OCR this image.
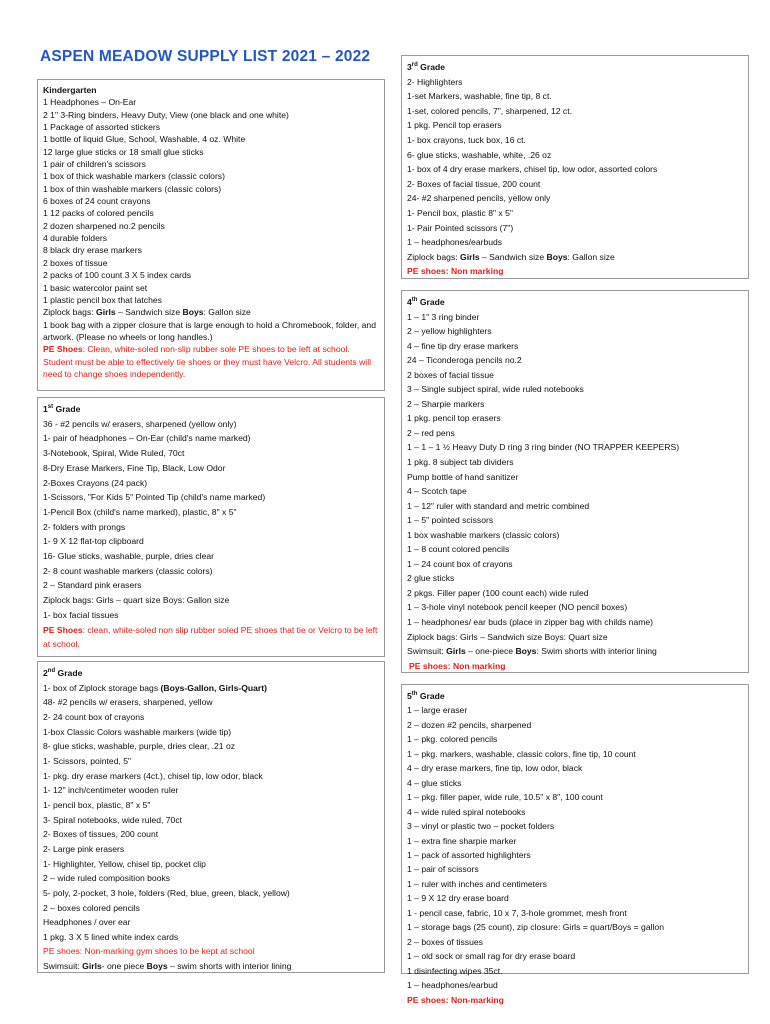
ASPEN MEADOW SUPPLY LIST 2021 – 2022
Kindergarten
1 Headphones – On-Ear
2 1" 3-Ring binders, Heavy Duty, View (one black and one white)
1 Package of assorted stickers
1 bottle of liquid Glue, School, Washable, 4 oz. White
12 large glue sticks or 18 small glue sticks
1 pair of children's scissors
1 box of thick washable markers (classic colors)
1 box of thin washable markers (classic colors)
6 boxes of 24 count crayons
1 12 packs of colored pencils
2 dozen sharpened no.2 pencils
4 durable folders
8 black dry erase markers
2 boxes of tissue
2 packs of 100 count 3 X 5 index cards
1 basic watercolor paint set
1 plastic pencil box that latches
Ziplock bags: Girls – Sandwich size Boys: Gallon size
1 book bag with a zipper closure that is large enough to hold a Chromebook, folder, and artwork. (Please no wheels or long handles.)
PE Shoes: Clean, white-soled non-slip rubber sole PE shoes to be left at school. Student must be able to effectively tie shoes or they must have Velcro. All students will need to change shoes independently.
1st Grade
36 - #2 pencils w/ erasers, sharpened (yellow only)
1- pair of headphones – On-Ear (child's name marked)
3-Notebook, Spiral, Wide Ruled, 70ct
8-Dry Erase Markers, Fine Tip, Black, Low Odor
2-Boxes Crayons (24 pack)
1-Scissors, "For Kids 5" Pointed Tip (child's name marked)
1-Pencil Box (child's name marked), plastic, 8" x 5"
2- folders with prongs
1- 9 X 12 flat-top clipboard
16- Glue sticks, washable, purple, dries clear
2- 8 count washable markers (classic colors)
2 – Standard pink erasers
Ziplock bags: Girls – quart size Boys: Gallon size
1- box facial tissues
PE Shoes: clean, white-soled non slip rubber soled PE shoes that tie or Velcro to be left at school.
2nd Grade
1- box of Ziplock storage bags (Boys-Gallon, Girls-Quart)
48- #2 pencils w/ erasers, sharpened, yellow
2- 24 count box of crayons
1-box Classic Colors washable markers (wide tip)
8- glue sticks, washable, purple, dries clear, .21 oz
1- Scissors, pointed, 5"
1- pkg. dry erase markers (4ct.), chisel tip, low odor, black
1- 12" inch/centimeter wooden ruler
1- pencil box, plastic, 8" x 5"
3- Spiral notebooks, wide ruled, 70ct
2- Boxes of tissues, 200 count
2- Large pink erasers
1- Highlighter, Yellow, chisel tip, pocket clip
2 – wide ruled composition books
5- poly, 2-pocket, 3 hole, folders (Red, blue, green, black, yellow)
2 – boxes colored pencils
Headphones / over ear
1 pkg. 3 X 5 lined white index cards
PE shoes: Non-marking gym shoes to be kept at school
Swimsuit: Girls- one piece Boys – swim shorts with interior lining
3rd Grade
2- Highlighters
1-set Markers, washable, fine tip, 8 ct.
1-set, colored pencils, 7", sharpened, 12 ct.
1 pkg. Pencil top erasers
1- box crayons, tuck box, 16 ct.
6- glue sticks, washable, white, .26 oz
1- box of 4 dry erase markers, chisel tip, low odor, assorted colors
2- Boxes of facial tissue, 200 count
24- #2 sharpened pencils, yellow only
1- Pencil box, plastic 8" x 5"
1- Pair Pointed scissors (7")
1 – headphones/earbuds
Ziplock bags: Girls – Sandwich size Boys: Gallon size
PE shoes: Non marking
4th Grade
1 – 1" 3 ring binder
2 – yellow highlighters
4 – fine tip dry erase markers
24 – Ticonderoga pencils no.2
2 boxes of facial tissue
3 – Single subject spiral, wide ruled notebooks
2 – Sharpie markers
1 pkg. pencil top erasers
2 – red pens
1 – 1 – 1 ½ Heavy Duty D ring 3 ring binder (NO TRAPPER KEEPERS)
1 pkg. 8 subject tab dividers
Pump bottle of hand sanitizer
4 – Scotch tape
1 – 12" ruler with standard and metric combined
1 – 5" pointed scissors
1 box washable markers (classic colors)
1 – 8 count colored pencils
1 – 24 count box of crayons
2 glue sticks
2 pkgs. Filler paper (100 count each) wide ruled
1 – 3-hole vinyl notebook pencil keeper (NO pencil boxes)
1 – headphones/ ear buds (place in zipper bag with childs name)
Ziplock bags: Girls – Sandwich size Boys: Quart size
Swimsuit: Girls – one-piece Boys: Swim shorts with interior lining
PE shoes: Non marking
5th Grade
1 – large eraser
2 – dozen #2 pencils, sharpened
1 – pkg. colored pencils
1 – pkg. markers, washable, classic colors, fine tip, 10 count
4 – dry erase markers, fine tip, low odor, black
4 – glue sticks
1 – pkg. filler paper, wide rule, 10.5" x 8", 100 count
4 – wide ruled spiral notebooks
3 – vinyl or plastic two – pocket folders
1 – extra fine sharpie marker
1 – pack of assorted highlighters
1 – pair of scissors
1 – ruler with inches and centimeters
1 – 9 X 12 dry erase board
1 - pencil case, fabric, 10 x 7, 3-hole grommet, mesh front
1 – storage bags (25 count), zip closure: Girls = quart/Boys = gallon
2 – boxes of tissues
1 – old sock or small rag for dry erase board
1 disinfecting wipes 35ct.
1 – headphones/earbud
PE shoes: Non-marking
